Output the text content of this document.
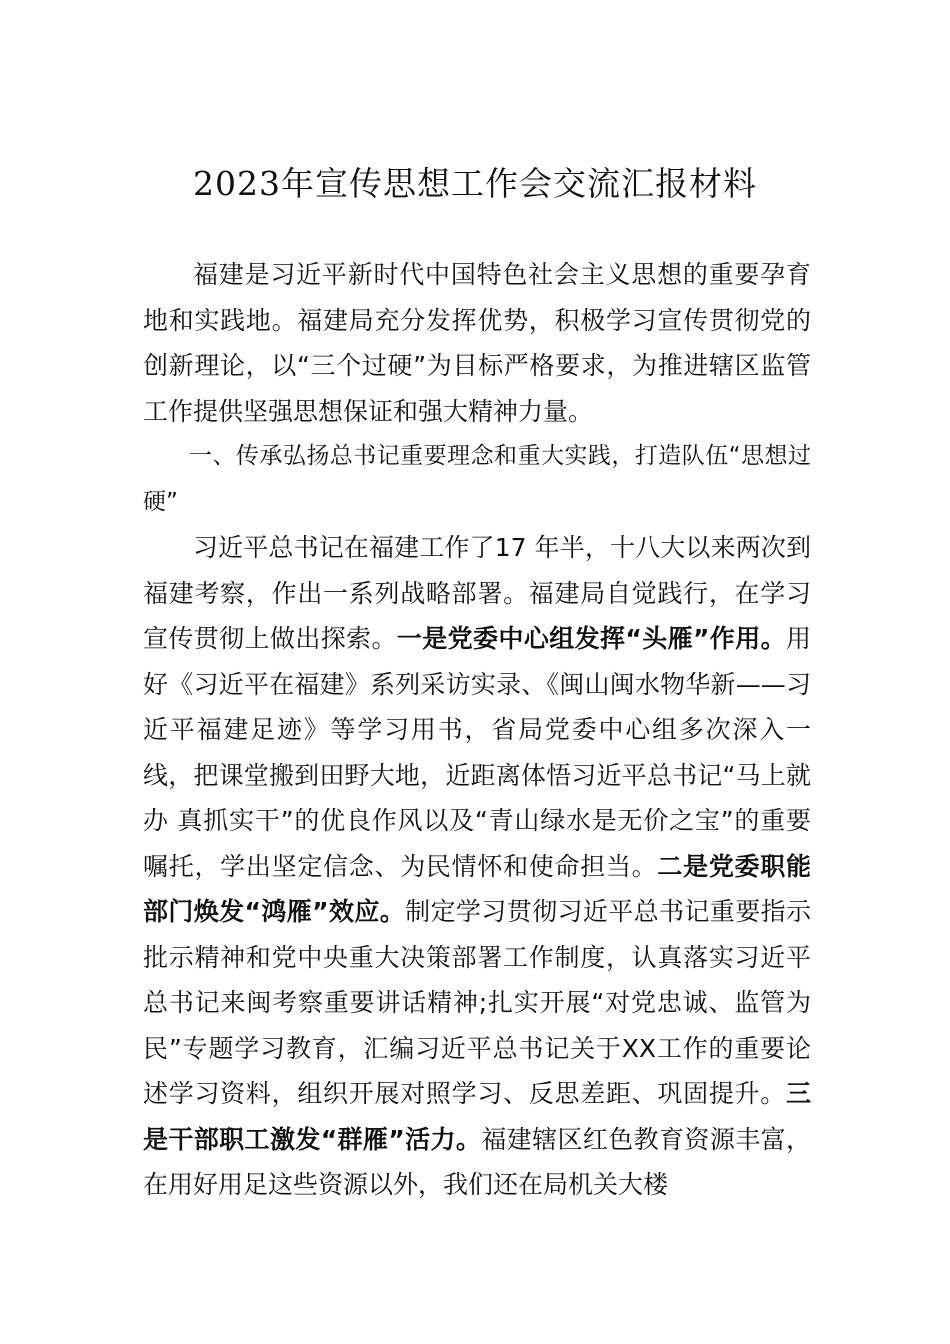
2023年宣传思想工作会交流汇报材料

福建是习近平新时代中国特色社会主义思想的重要孕育地和实践地。福建局充分发挥优势，积极学习宣传贯彻党的创新理论，以“三个过硬”为目标严格要求，为推进辖区监管工作提供坚强思想保证和强大精神力量。

一、传承弘扬总书记重要理念和重大实践，打造队伍“思想过硬”

习近平总书记在福建工作了17 年半，十八大以来两次到福建考察，作出一系列战略部署。福建局自觉践行，在学习宣传贯彻上做出探索。一是党委中心组发挥“头雁”作用。用好《习近平在福建》系列采访实录、《闽山闽水物华新——习近平福建足迹》等学习用书，省局党委中心组多次深入一线，把课堂搬到田野大地，近距离体悟习近平总书记“马上就办 真抓实干”的优良作风以及“青山绿水是无价之宝”的重要嘱托，学出坚定信念、为民情怀和使命担当。二是党委职能部门焕发“鸿雁”效应。制定学习贯彻习近平总书记重要指示批示精神和党中央重大决策部署工作制度，认真落实习近平总书记来闽考察重要讲话精神;扎实开展“对党忠诚、监管为民”专题学习教育，汇编习近平总书记关于XX工作的重要论述学习资料，组织开展对照学习、反思差距、巩固提升。三是干部职工激发“群雁”活力。福建辖区红色教育资源丰富，在用好用足这些资源以外，我们还在局机关大楼
